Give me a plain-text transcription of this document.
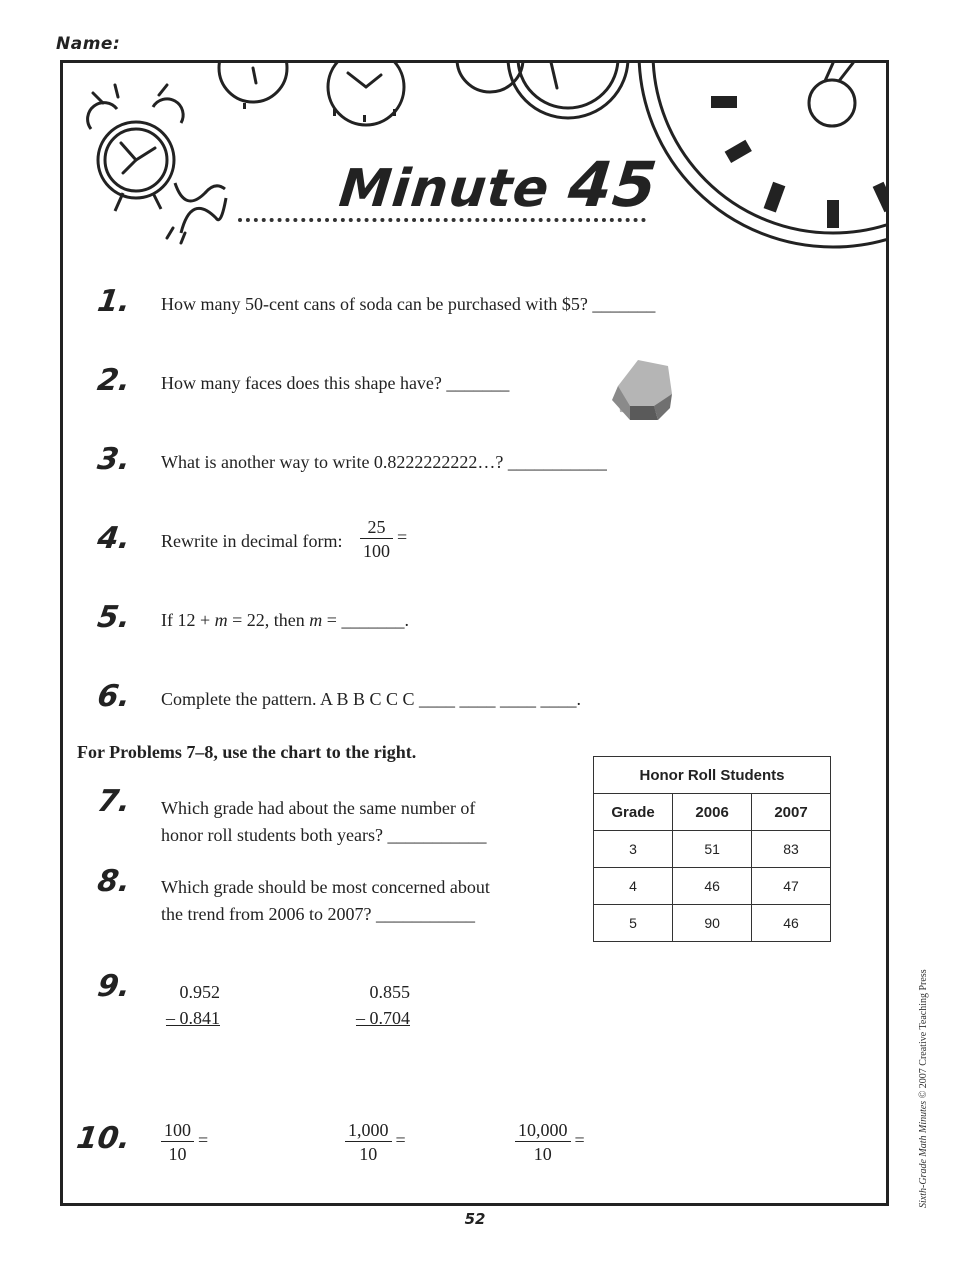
Name:
Minute 45
1. How many 50-cent cans of soda can be purchased with $5? _______
2. How many faces does this shape have? _______
3. What is another way to write 0.8222222222…? ___________
4. Rewrite in decimal form: $\frac{25}{100}$ =
5. If 12 + m = 22, then m = _______.
6. Complete the pattern. A B B C C C ____ ____ ____ ____.
For Problems 7–8, use the chart to the right.
7. Which grade had about the same number of
honor roll students both years? ___________
8. Which grade should be most concerned about
the trend from 2006 to 2007? ___________
Honor Roll Students		
Grade	2006	2007
3	51	83
4	46	47
5	90	46
9.	0.952
– 0.841
0.855
– 0.704
10. $\frac{100}{10}$ =	$\frac{1,000}{10}$ =	$\frac{10,000}{10}$ =
52
Sixth-Grade Math Minutes © 2007 Creative Teaching Press
